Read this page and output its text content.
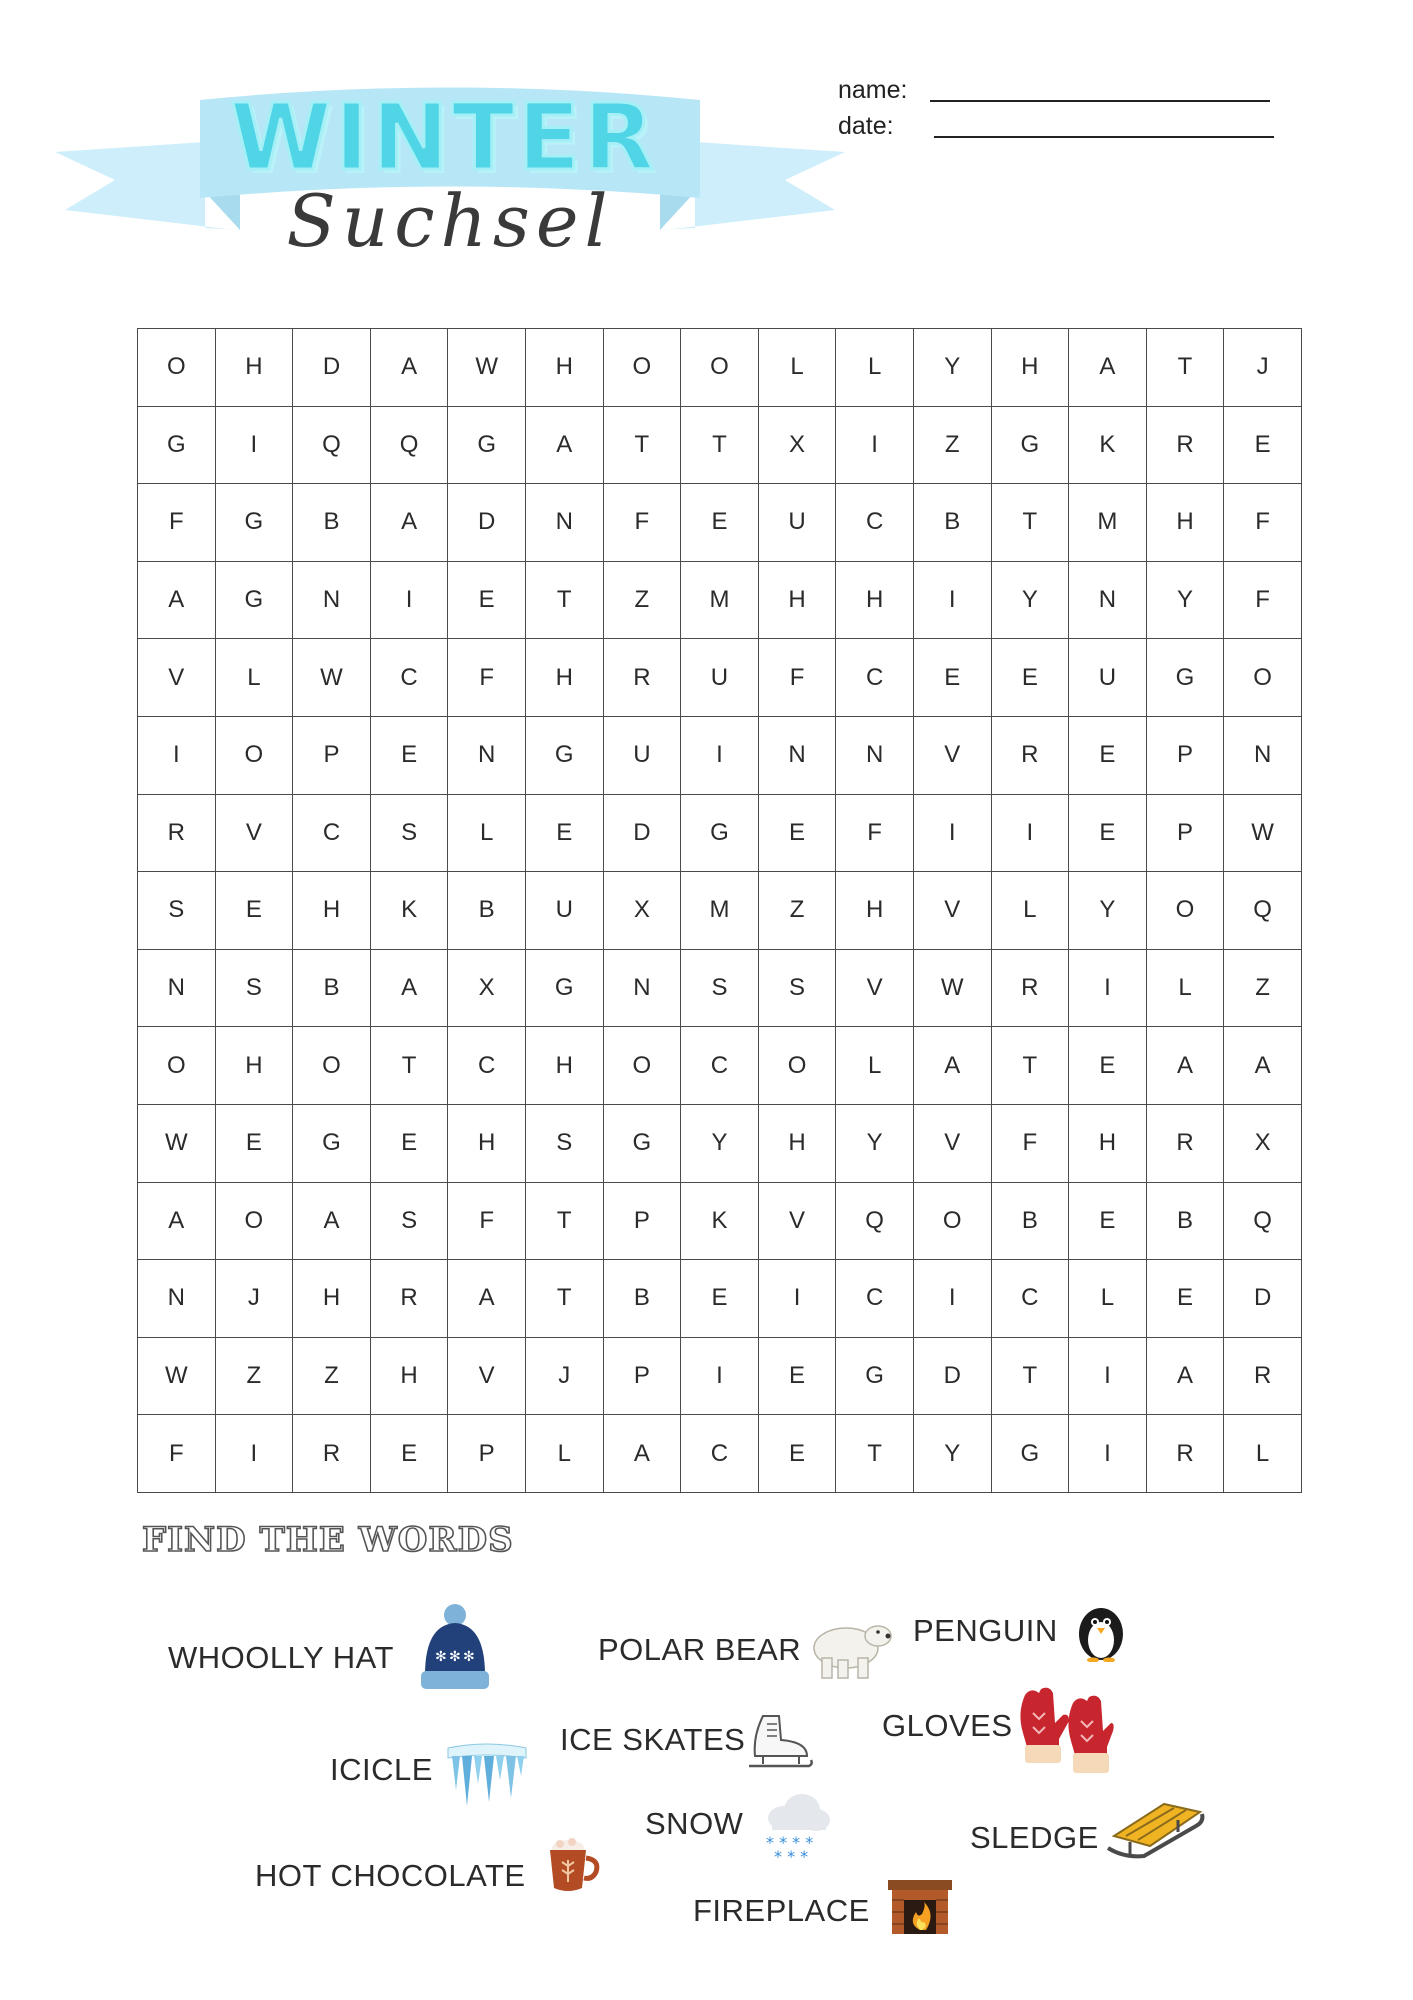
WINTER
Suchsel
name:
date:
O	H	D	A	W	H	O	O	L	L	Y	H	A	T	J
G	I	Q	Q	G	A	T	T	X	I	Z	G	K	R	E
F	G	B	A	D	N	F	E	U	C	B	T	M	H	F
A	G	N	I	E	T	Z	M	H	H	I	Y	N	Y	F
V	L	W	C	F	H	R	U	F	C	E	E	U	G	O
I	O	P	E	N	G	U	I	N	N	V	R	E	P	N
R	V	C	S	L	E	D	G	E	F	I	I	E	P	W
S	E	H	K	B	U	X	M	Z	H	V	L	Y	O	Q
N	S	B	A	X	G	N	S	S	V	W	R	I	L	Z
O	H	O	T	C	H	O	C	O	L	A	T	E	A	A
W	E	G	E	H	S	G	Y	H	Y	V	F	H	R	X
A	O	A	S	F	T	P	K	V	Q	O	B	E	B	Q
N	J	H	R	A	T	B	E	I	C	I	C	L	E	D
W	Z	Z	H	V	J	P	I	E	G	D	T	I	A	R
F	I	R	E	P	L	A	C	E	T	Y	G	I	R	L
FIND THE WORDS
WHOOLLY HAT	✻ ✻ ✻	POLAR BEAR
PENGUIN
ICICLE
ICE SKATES	GLOVES
SNOW
* * * *
* * *
SLEDGE
HOT CHOCOLATE
FIREPLACE
